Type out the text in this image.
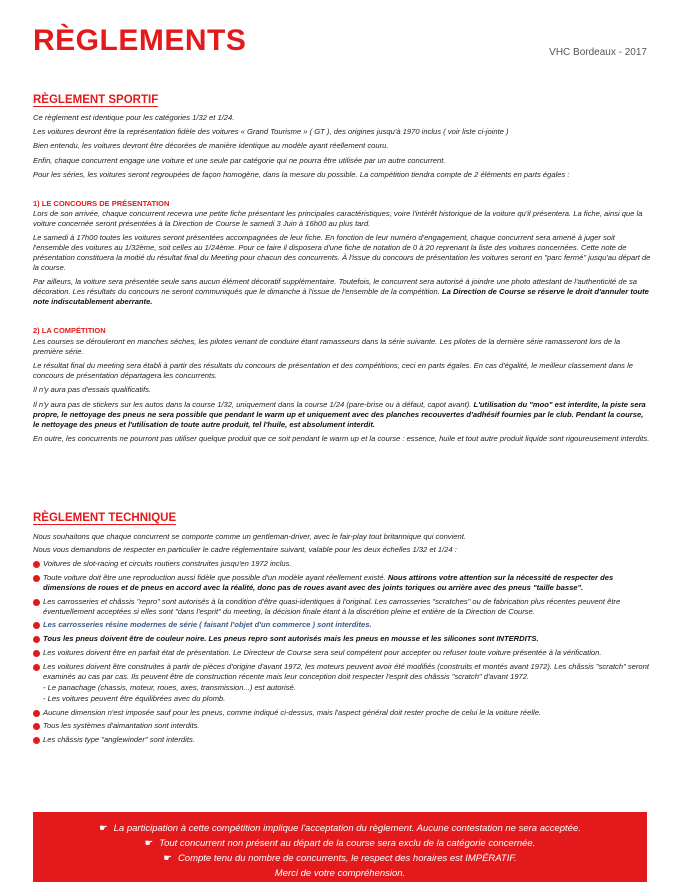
RÈGLEMENTS	VHC Bordeaux - 2017
RÈGLEMENT SPORTIF
Ce règlement est identique pour les catégories 1/32 et 1/24.
Les voitures devront être la représentation fidèle des voitures « Grand Tourisme » ( GT ), des origines jusqu'à 1970 inclus ( voir liste ci-jointe )
Bien entendu, les voitures devront être décorées de manière identique au modèle ayant réellement couru.
Enfin, chaque concurrent engage une voiture et une seule par catégorie qui ne pourra être utilisée par un autre concurrent.
Pour les séries, les voitures seront regroupées de façon homogène, dans la mesure du possible. La compétition tiendra compte de 2 éléments en parts égales :
1) LE CONCOURS DE PRÉSENTATION
Lors de son arrivée, chaque concurrent recevra une petite fiche présentant les principales caractéristiques, voire l'intérêt historique de la voiture qu'il présentera. La fiche, ainsi que la voiture concernée seront présentées à la Direction de Course le samedi 3 Juin à 16h00 au plus tard.
Le samedi à 17h00 toutes les voitures seront présentées accompagnées de leur fiche. En fonction de leur numéro d'engagement, chaque concurrent sera amené à juger soit l'ensemble des voitures au 1/32ème, soit celles au 1/24ème. Pour ce faire il disposera d'une fiche de notation de 0 à 20 reprenant la liste des voitures concernées. Cette note de présentation constituera la moitié du résultat final du Meeting pour chacun des concurrents. À l'issue du concours de présentation les voitures seront en "parc fermé" jusqu'au départ de la course.
Par ailleurs, la voiture sera présentée seule sans aucun élément décoratif supplémentaire. Toutefois, le concurrent sera autorisé à joindre une photo attestant de l'authenticité de sa décoration. Les résultats du concours ne seront communiqués que le dimanche à l'issue de l'ensemble de la compétition. La Direction de Course se réserve le droit d'annuler toute note indiscutablement aberrante.
2) LA COMPÉTITION
Les courses se dérouleront en manches sèches, les pilotes venant de conduire étant ramasseurs dans la série suivante. Les pilotes de la dernière série ramasseront lors de la première série.
Le résultat final du meeting sera établi à partir des résultats du concours de présentation et des compétitions, ceci en parts égales. En cas d'égalité, le meilleur classement dans le concours de présentation départagera les concurrents.
Il n'y aura pas d'essais qualificatifs.
Il n'y aura pas de stickers sur les autos dans la course 1/32, uniquement dans la course 1/24 (pare-brise ou à défaut, capot avant). L'utilisation du "moo" est interdite, la piste sera propre, le nettoyage des pneus ne sera possible que pendant le warm up et uniquement avec des planches recouvertes d'adhésif fournies par le club. Pendant la course, le nettoyage des pneus et l'utilisation de toute autre produit, tel l'huile, est absolument interdit.
En outre, les concurrents ne pourront pas utiliser quelque produit que ce soit pendant le warm up et la course : essence, huile et tout autre produit liquide sont rigoureusement interdits.
RÈGLEMENT TECHNIQUE
Nous souhaitons que chaque concurrent se comporte comme un gentleman-driver, avec le fair-play tout britannique qui convient.
Nous vous demandons de respecter en particulier le cadre réglementaire suivant, valable pour les deux échelles 1/32 et 1/24 :
Voitures de slot-racing et circuits routiers construites jusqu'en 1972 inclus.
Toute voiture doit être une reproduction aussi fidèle que possible d'un modèle ayant réellement existé. Nous attirons votre attention sur la nécessité de respecter des dimensions de roues et de pneus en accord avec la réalité, donc pas de roues avant avec des joints toriques ou arrière avec des pneus "taille basse".
Les carrosseries et châssis "repro" sont autorisés à la condition d'être quasi-identiques à l'original. Les carrosseries "scratches" ou de fabrication plus récentes peuvent être éventuellement acceptées si elles sont "dans l'esprit" du meeting, la décision finale étant à la discrétion pleine et entière de la Direction de Course.
Les carrosseries résine modernes de série ( faisant l'objet d'un commerce ) sont interdites.
Tous les pneus doivent être de couleur noire. Les pneus repro sont autorisés mais les pneus en mousse et les silicones sont INTERDITS.
Les voitures doivent être en parfait état de présentation. Le Directeur de Course sera seul compétent pour accepter ou refuser toute voiture présentée à la vérification.
Les voitures doivent être construites à partir de pièces d'origine d'avant 1972, les moteurs peuvent avoir été modifiés (construits et montés avant 1972). Les châssis "scratch" seront examinés au cas par cas. Ils peuvent être de construction récente mais leur conception doit respecter l'esprit des châssis "scratch" d'avant 1972.
- Le panachage (chassis, moteur, roues, axes, transmission...) est autorisé.
- Les voitures peuvent être équilibrées avec du plomb.
Aucune dimension n'est imposée sauf pour les pneus, comme indiqué ci-dessus, mais l'aspect général doit rester proche de celui le la voiture réelle.
Tous les systèmes d'aimantation sont interdits.
Les châssis type "anglewinder" sont interdits.
☛ La participation à cette compétition implique l'acceptation du règlement. Aucune contestation ne sera acceptée.
☛ Tout concurrent non présent au départ de la course sera exclu de la catégorie concernée.
☛ Compte tenu du nombre de concurrents, le respect des horaires est IMPÉRATIF.
Merci de votre compréhension.
